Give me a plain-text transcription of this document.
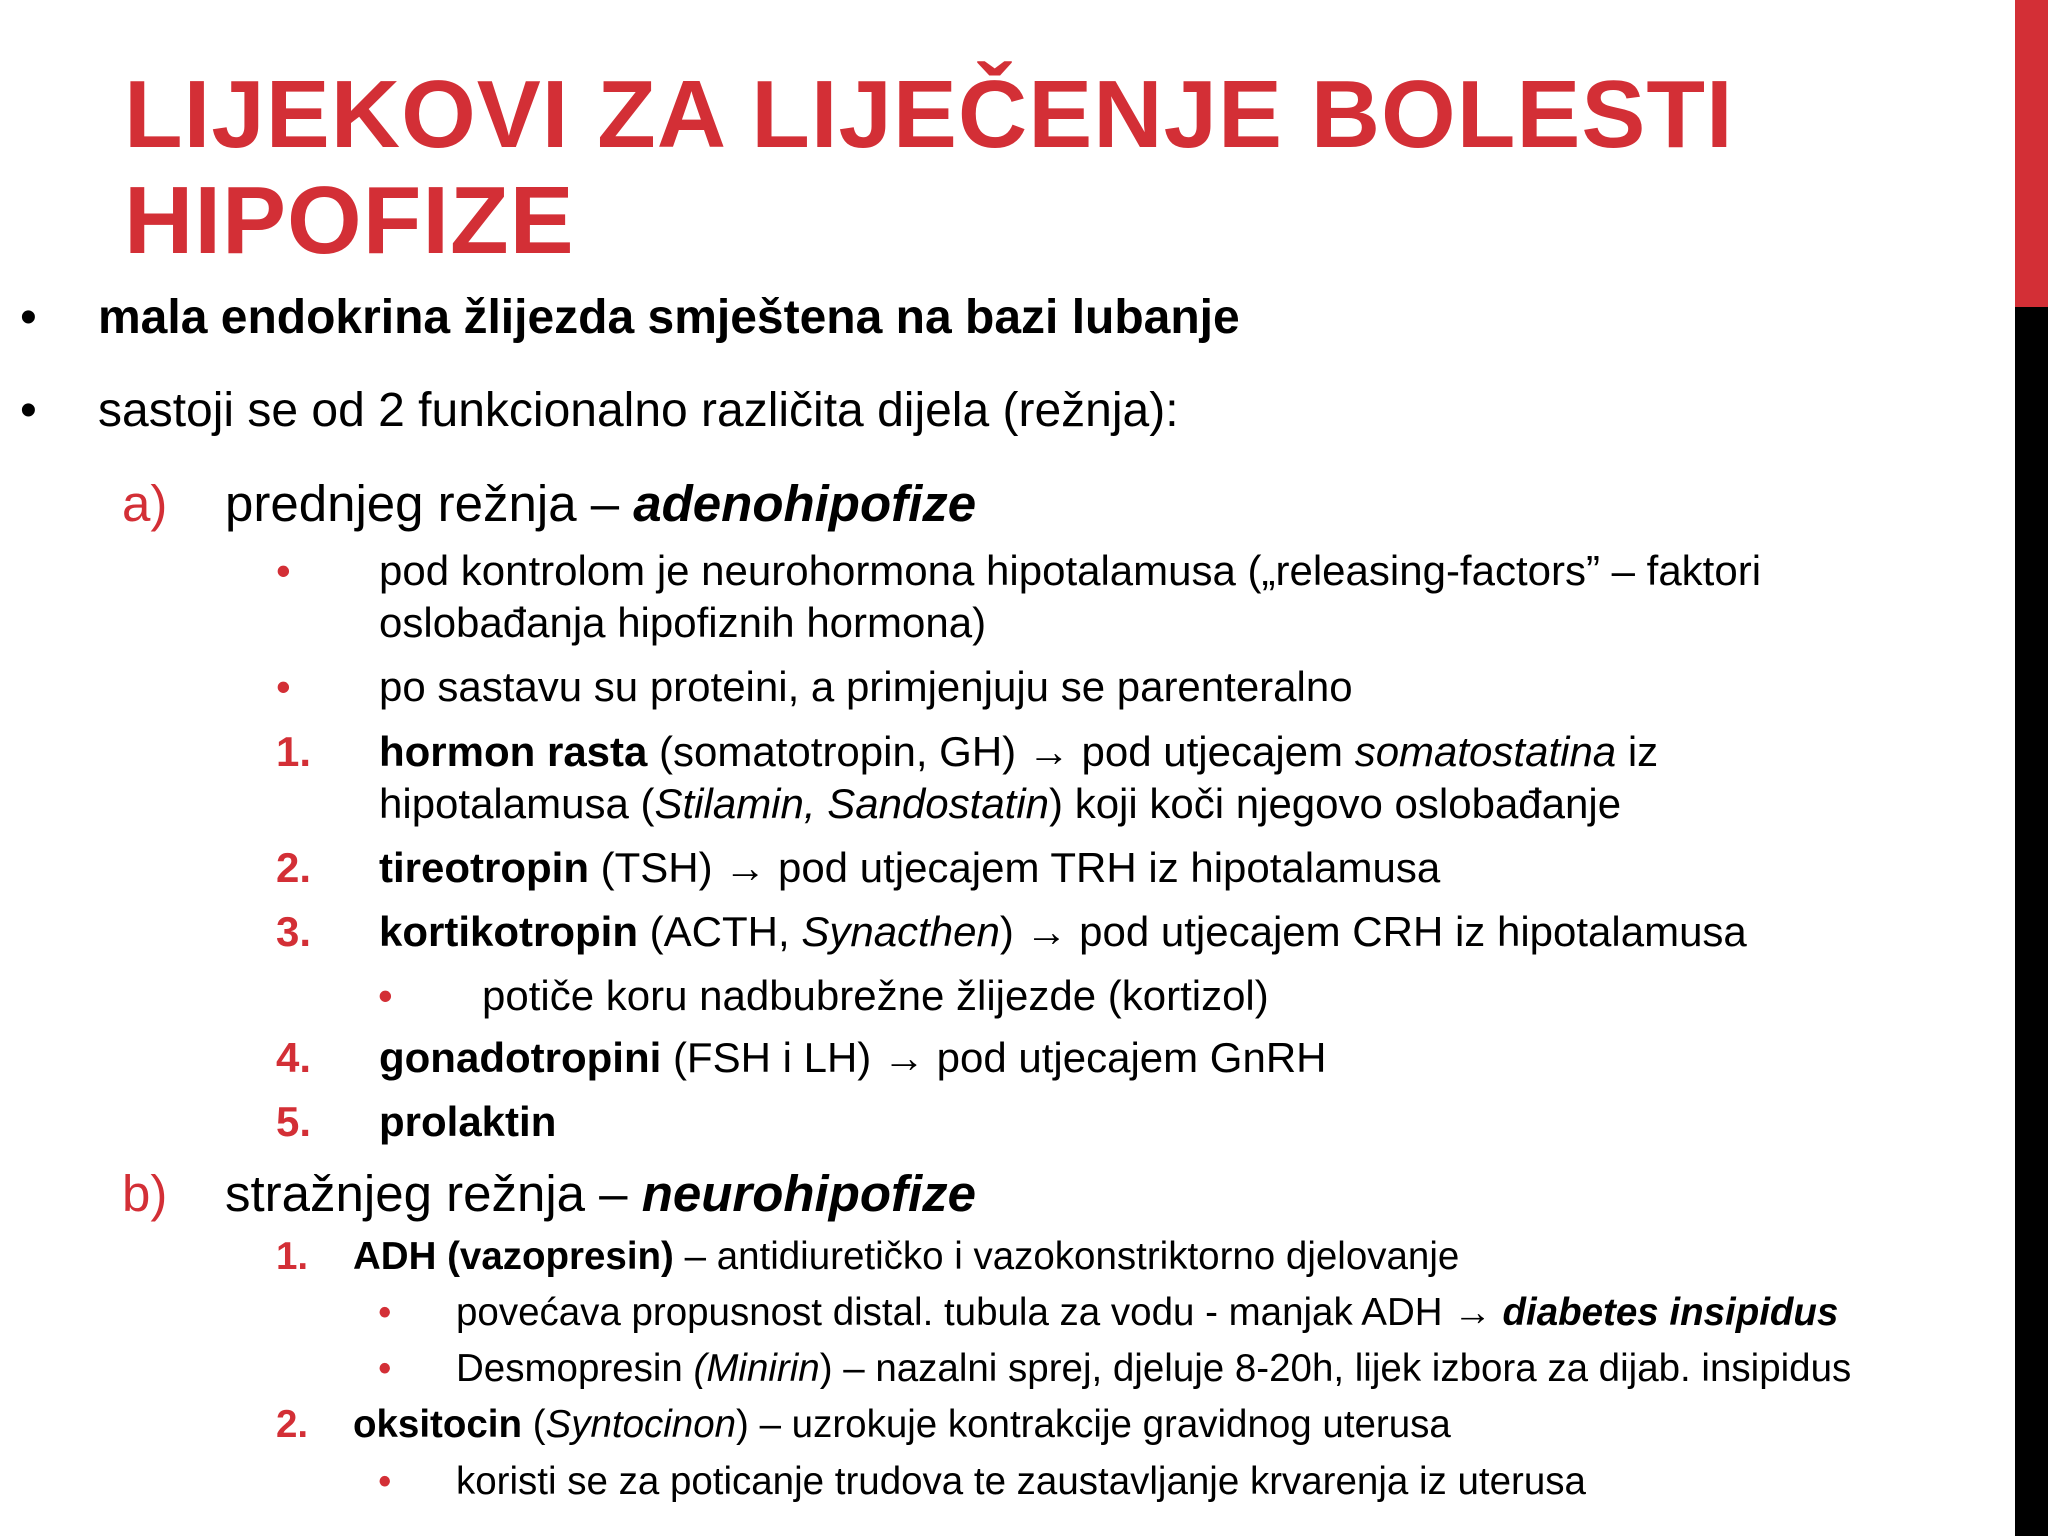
LIJEKOVI ZA LIJEČENJE BOLESTI HIPOFIZE
• mala endokrina žlijezda smještena na bazi lubanje
• sastoji se od 2 funkcionalno različita dijela (režnja):
a) prednjeg režnja – adenohipofize
• pod kontrolom je neurohormona hipotalamusa („releasing-factors” – faktori
oslobađanja hipofiznih hormona)
• po sastavu su proteini, a primjenjuju se parenteralno
1. hormon rasta (somatotropin, GH) → pod utjecajem somatostatina iz
hipotalamusa (Stilamin, Sandostatin) koji koči njegovo oslobađanje
2. tireotropin (TSH) → pod utjecajem TRH iz hipotalamusa
3. kortikotropin (ACTH, Synacthen) → pod utjecajem CRH iz hipotalamusa
• potiče koru nadbubrežne žlijezde (kortizol)
4. gonadotropini (FSH i LH) → pod utjecajem GnRH
5. prolaktin
b) stražnjeg režnja – neurohipofize
1. ADH (vazopresin) – antidiuretičko i vazokonstriktorno djelovanje
• povećava propusnost distal. tubula za vodu - manjak ADH → diabetes insipidus
• Desmopresin (Minirin) – nazalni sprej, djeluje 8-20h, lijek izbora za dijab. insipidus
2. oksitocin (Syntocinon) – uzrokuje kontrakcije gravidnog uterusa
• koristi se za poticanje trudova te zaustavljanje krvarenja iz uterusa
